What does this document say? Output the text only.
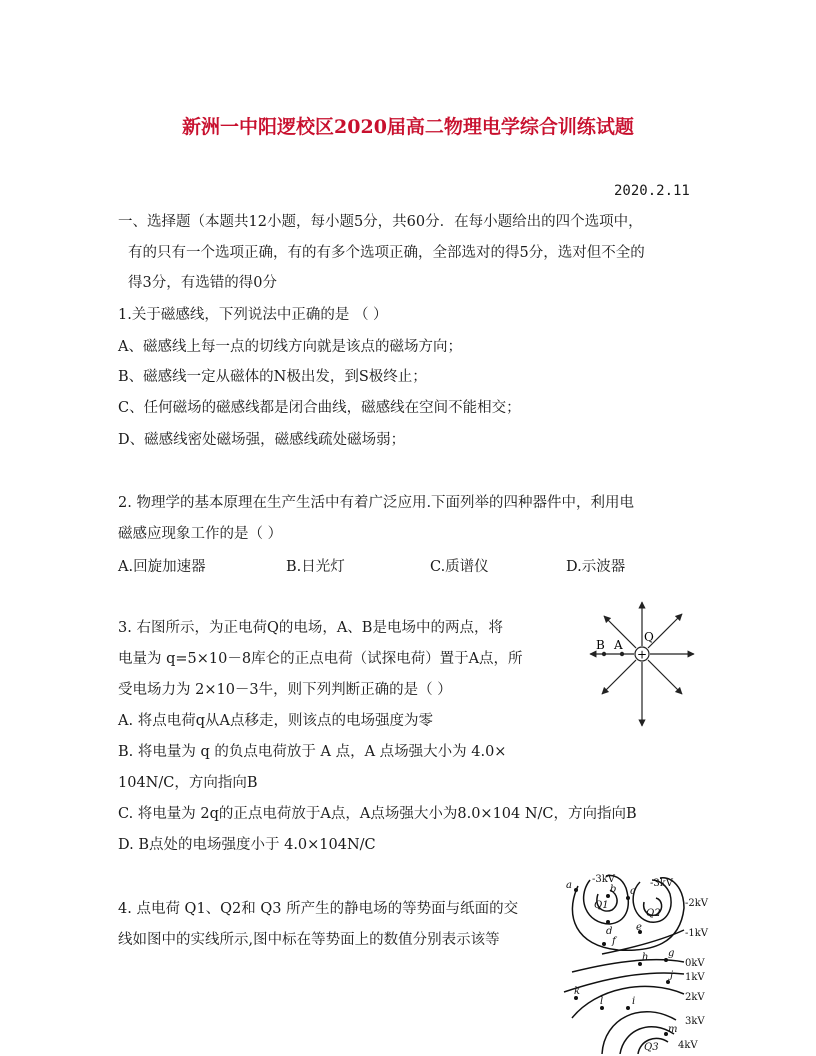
新洲一中阳逻校区2020届高二物理电学综合训练试题
2020.2.11
一、选择题（本题共12小题，每小题5分，共60分．在每小题给出的四个选项中，
有的只有一个选项正确，有的有多个选项正确，全部选对的得5分，选对但不全的
得3分，有选错的得0分
1.关于磁感线，下列说法中正确的是 （ ）
A、磁感线上每一点的切线方向就是该点的磁场方向；
B、磁感线一定从磁体的N极出发，到S极终止；
C、任何磁场的磁感线都是闭合曲线，磁感线在空间不能相交；
D、磁感线密处磁场强，磁感线疏处磁场弱；
2. 物理学的基本原理在生产生活中有着广泛应用.下面列举的四种器件中，利用电
磁感应现象工作的是（ ）
A.回旋加速器	B.日光灯	C.质谱仪	D.示波器
3. 右图所示，为正电荷Q的电场，A、B是电场中的两点，将
电量为 q=5×10－8库仑的正点电荷（试探电荷）置于A点，所
受电场力为 2×10－3牛，则下列判断正确的是（ ）
A. 将点电荷q从A点移走，则该点的电场强度为零
B. 将电量为 q 的负点电荷放于 A 点，A 点场强大小为 4.0×
104N/C，方向指向B
C. 将电量为 2q的正点电荷放于A点，A点场强大小为8.0×104 N/C，方向指向B
D. B点处的电场强度小于 4.0×104N/C
+
B A
Q
4. 点电荷 Q1、Q2和 Q3 所产生的静电场的等势面与纸面的交
线如图中的实线所示,图中标在等势面上的数值分别表示该等
a	b c
d e
f
g
h
i
j
k
l
m
-3kV	-3kV
-2kV
-1kV
0kV
1kV
2kV
3kV
4kV
Q1
Q2
Q3
